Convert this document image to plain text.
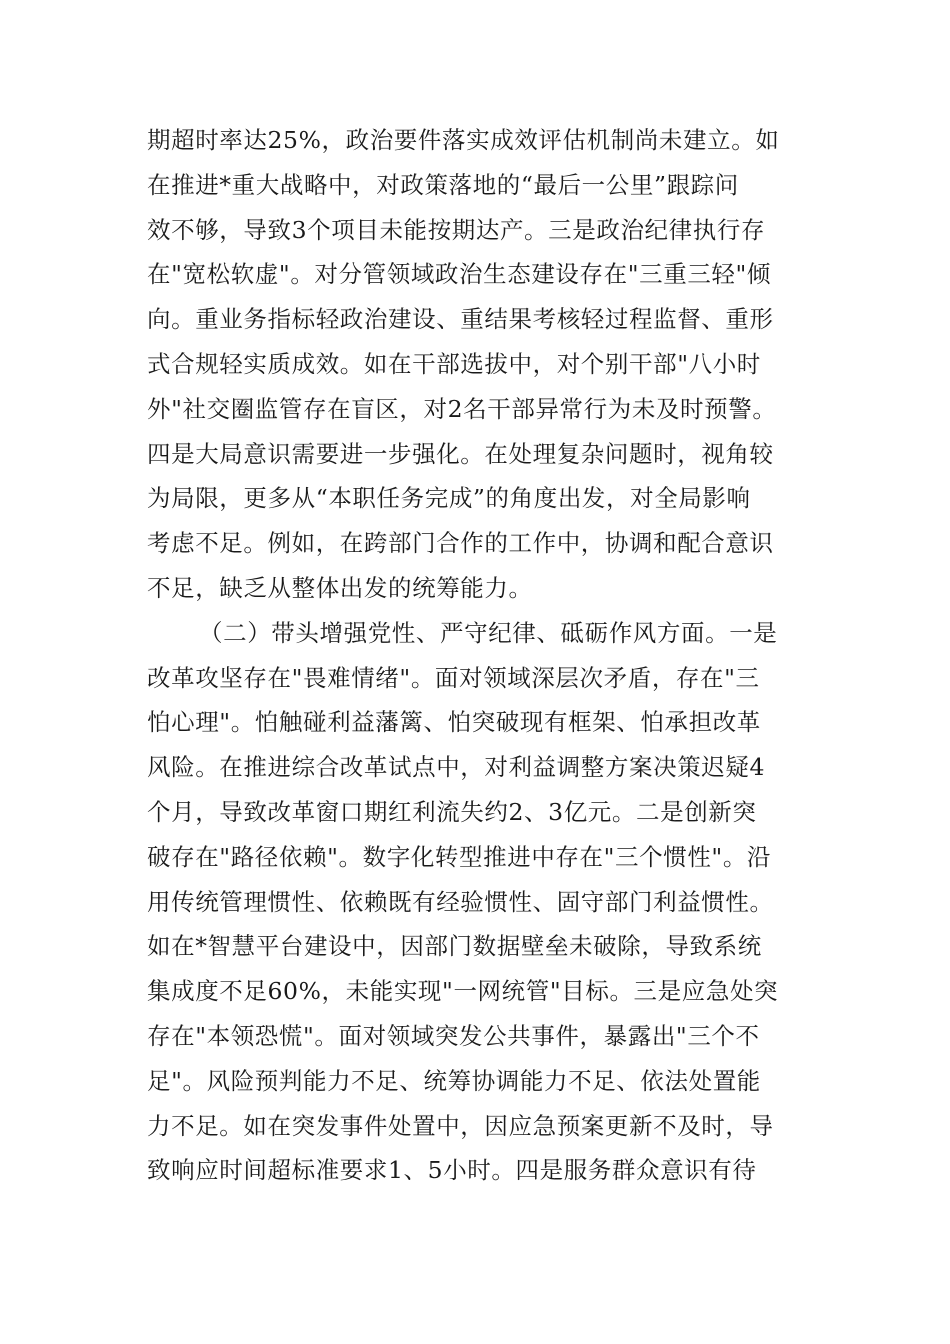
期超时率达25%，政治要件落实成效评估机制尚未建立。如
在推进*重大战略中，对政策落地的“最后一公里”跟踪问
效不够，导致3个项目未能按期达产。三是政治纪律执行存
在"宽松软虚"。对分管领域政治生态建设存在"三重三轻"倾
向。重业务指标轻政治建设、重结果考核轻过程监督、重形
式合规轻实质成效。如在干部选拔中，对个别干部"八小时
外"社交圈监管存在盲区，对2名干部异常行为未及时预警。
四是大局意识需要进一步强化。在处理复杂问题时，视角较
为局限，更多从“本职任务完成”的角度出发，对全局影响
考虑不足。例如，在跨部门合作的工作中，协调和配合意识
不足，缺乏从整体出发的统筹能力。
（二）带头增强党性、严守纪律、砥砺作风方面。一是
改革攻坚存在"畏难情绪"。面对领域深层次矛盾，存在"三
怕心理"。怕触碰利益藩篱、怕突破现有框架、怕承担改革
风险。在推进综合改革试点中，对利益调整方案决策迟疑4
个月，导致改革窗口期红利流失约2、3亿元。二是创新突
破存在"路径依赖"。数字化转型推进中存在"三个惯性"。沿
用传统管理惯性、依赖既有经验惯性、固守部门利益惯性。
如在*智慧平台建设中，因部门数据壁垒未破除，导致系统
集成度不足60%，未能实现"一网统管"目标。三是应急处突
存在"本领恐慌"。面对领域突发公共事件，暴露出"三个不
足"。风险预判能力不足、统筹协调能力不足、依法处置能
力不足。如在突发事件处置中，因应急预案更新不及时，导
致响应时间超标准要求1、5小时。四是服务群众意识有待
